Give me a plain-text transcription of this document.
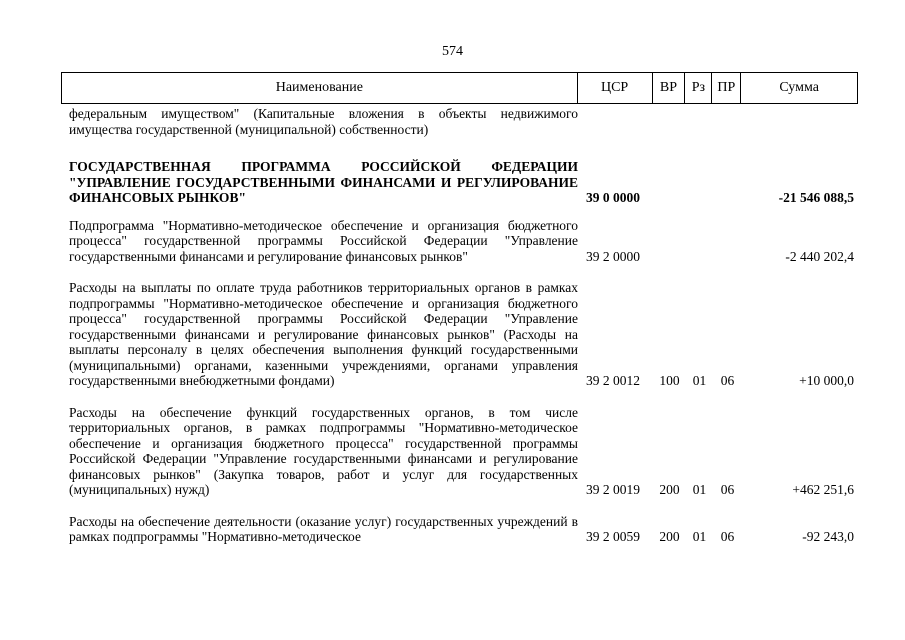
574
Наименование	ЦСР	ВР	Рз ПР	Сумма
федеральным имуществом" (Капитальные вложения в объекты недвижимого имущества государственной (муниципальной) собственности)
ГОСУДАРСТВЕННАЯ ПРОГРАММА РОССИЙСКОЙ ФЕДЕРАЦИИ "УПРАВЛЕНИЕ ГОСУДАРСТВЕННЫМИ ФИНАНСАМИ И РЕГУЛИРОВАНИЕ ФИНАНСОВЫХ РЫНКОВ"	39 0 0000	-21 546 088,5
Подпрограмма "Нормативно-методическое обеспечение и организация бюджетного процесса" государственной программы Российской Федерации "Управление государственными финансами и регулирование финансовых рынков"	39 2 0000	-2 440 202,4
Расходы на выплаты по оплате труда работников территориальных органов в рамках подпрограммы "Нормативно-методическое обеспечение и организация бюджетного процесса" государственной программы Российской Федерации "Управление государственными финансами и регулирование финансовых рынков" (Расходы на выплаты персоналу в целях обеспечения выполнения функций государственными (муниципальными) органами, казенными учреждениями, органами управления государственными внебюджетными фондами)	39 2 0012	100 01	06	+10 000,0
Расходы на обеспечение функций государственных органов, в том числе территориальных органов, в рамках подпрограммы "Нормативно-методическое обеспечение и организация бюджетного процесса" государственной программы Российской Федерации "Управление государственными финансами и регулирование финансовых рынков" (Закупка товаров, работ и услуг для государственных (муниципальных) нужд)	39 2 0019	200 01	06	+462 251,6
Расходы на обеспечение деятельности (оказание услуг) государственных учреждений в рамках подпрограммы "Нормативно-методическое	39 2 0059	200 01	06	-92 243,0
